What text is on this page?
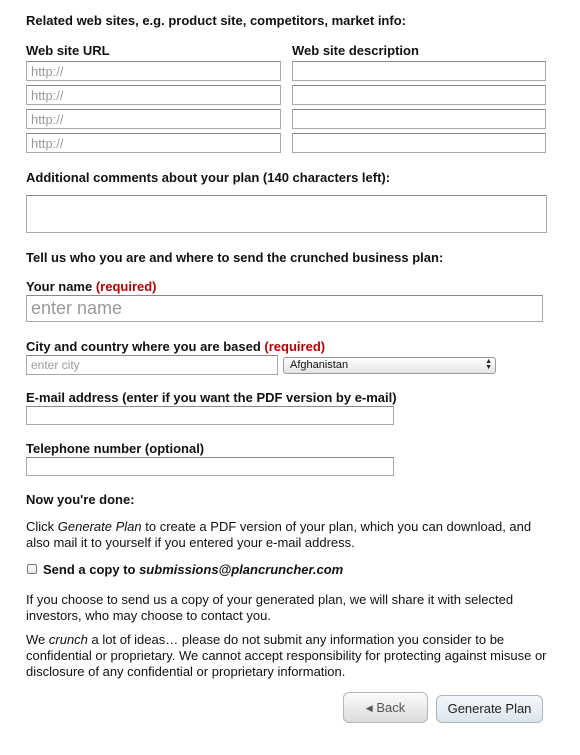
Related web sites, e.g. product site, competitors, market info:
Web site URL	Web site description
http://
http://
http://
http://
Additional comments about your plan (140 characters left):
Tell us who you are and where to send the crunched business plan:
Your name (required)
enter name
City and country where you are based (required)
enter city
Afghanistan	▲
▼
E-mail address (enter if you want the PDF version by e-mail)
Telephone number (optional)
Now you're done:
Click Generate Plan to create a PDF version of your plan, which you can download, and also mail it to yourself if you entered your e-mail address.
Send a copy to submissions@plancruncher.com
If you choose to send us a copy of your generated plan, we will share it with selected investors, who may choose to contact you.
We crunch a lot of ideas… please do not submit any information you consider to be confidential or proprietary. We cannot accept responsibility for protecting against misuse or disclosure of any confidential or proprietary information.
◀ Back	Generate Plan
